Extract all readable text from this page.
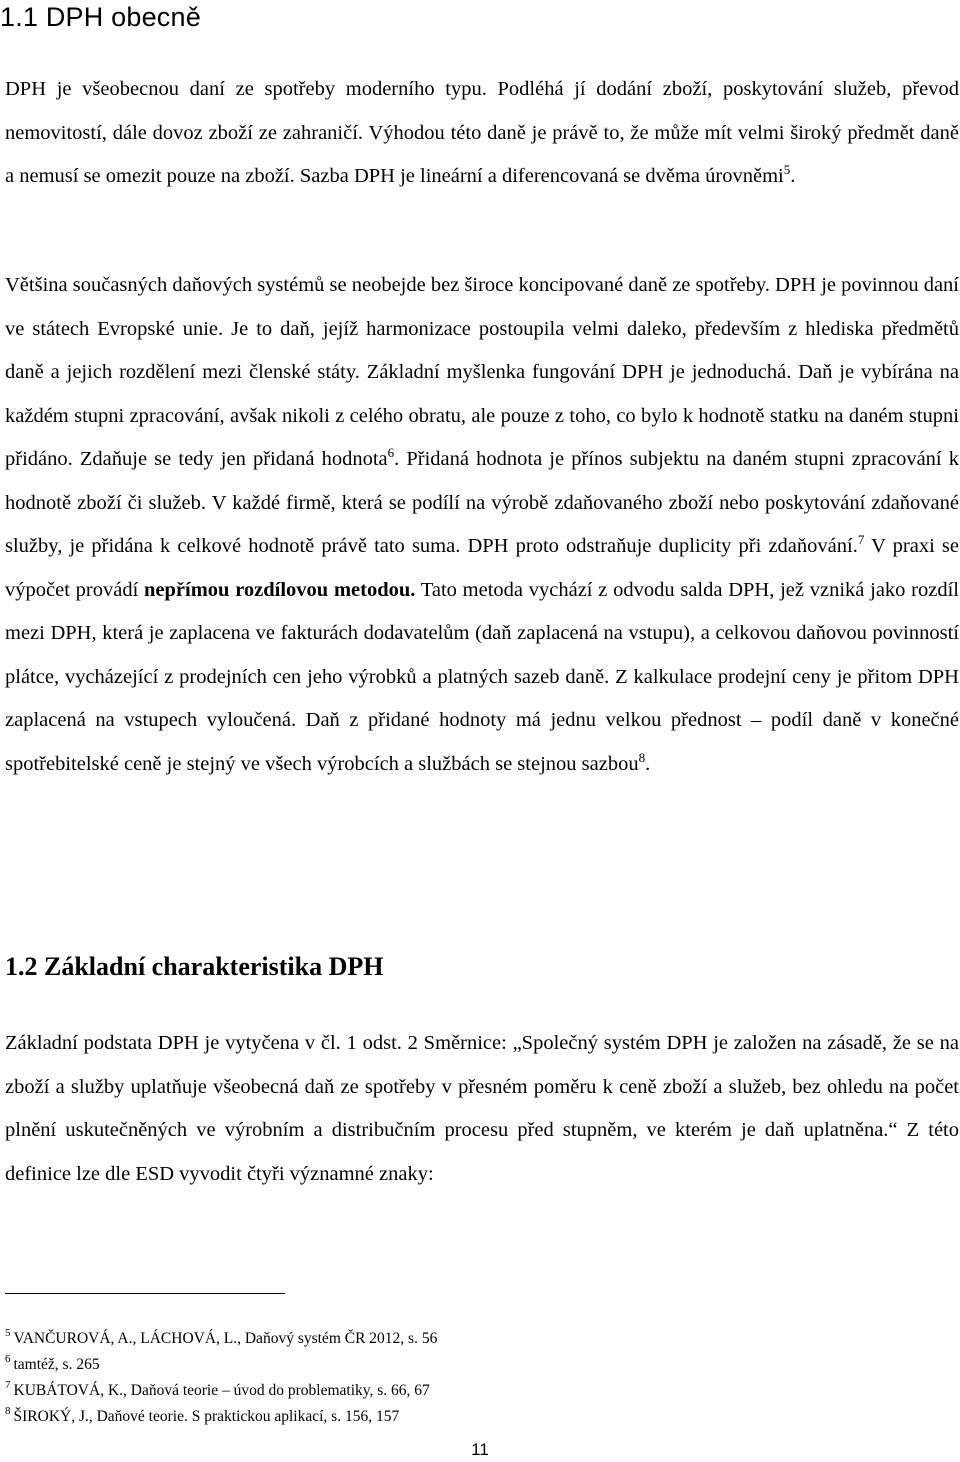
1.1 DPH obecně

DPH je všeobecnou daní ze spotřeby moderního typu. Podléhá jí dodání zboží, poskytování služeb, převod nemovitostí, dále dovoz zboží ze zahraničí. Výhodou této daně je právě to, že může mít velmi široký předmět daně a nemusí se omezit pouze na zboží. Sazba DPH je lineární a diferencovaná se dvěma úrovněmi$^5$.

Většina současných daňových systémů se neobejde bez široce koncipované daně ze spotřeby. DPH je povinnou daní ve státech Evropské unie. Je to daň, jejíž harmonizace postoupila velmi daleko, především z hlediska předmětů daně a jejich rozdělení mezi členské státy. Základní myšlenka fungování DPH je jednoduchá. Daň je vybírána na každém stupni zpracování, avšak nikoli z celého obratu, ale pouze z toho, co bylo k hodnotě statku na daném stupni přidáno. Zdaňuje se tedy jen přidaná hodnota$^6$. Přidaná hodnota je přínos subjektu na daném stupni zpracování k hodnotě zboží či služeb. V každé firmě, která se podílí na výrobě zdaňovaného zboží nebo poskytování zdaňované služby, je přidána k celkové hodnotě právě tato suma. DPH proto odstraňuje duplicity při zdaňování.$^7$ V praxi se výpočet provádí nepřímou rozdílovou metodou. Tato metoda vychází z odvodu salda DPH, jež vzniká jako rozdíl mezi DPH, která je zaplacena ve fakturách dodavatelům (daň zaplacená na vstupu), a celkovou daňovou povinností plátce, vycházející z prodejních cen jeho výrobků a platných sazeb daně. Z kalkulace prodejní ceny je přitom DPH zaplacená na vstupech vyloučená. Daň z přidané hodnoty má jednu velkou přednost – podíl daně v konečné spotřebitelské ceně je stejný ve všech výrobcích a službách se stejnou sazbou$^8$.

1.2 Základní charakteristika DPH

Základní podstata DPH je vytyčena v čl. 1 odst. 2 Směrnice: „Společný systém DPH je založen na zásadě, že se na zboží a služby uplatňuje všeobecná daň ze spotřeby v přesném poměru k ceně zboží a služeb, bez ohledu na počet plnění uskutečněných ve výrobním a distribučním procesu před stupněm, ve kterém je daň uplatněna.“ Z této definice lze dle ESD vyvodit čtyři významné znaky:

$^5$ VANČUROVÁ, A., LÁCHOVÁ, L., Daňový systém ČR 2012, s. 56
$^6$ tamtéž, s. 265
$^7$ KUBÁTOVÁ, K., Daňová teorie – úvod do problematiky, s. 66, 67
$^8$ ŠIROKÝ, J., Daňové teorie. S praktickou aplikací, s. 156, 157
11
